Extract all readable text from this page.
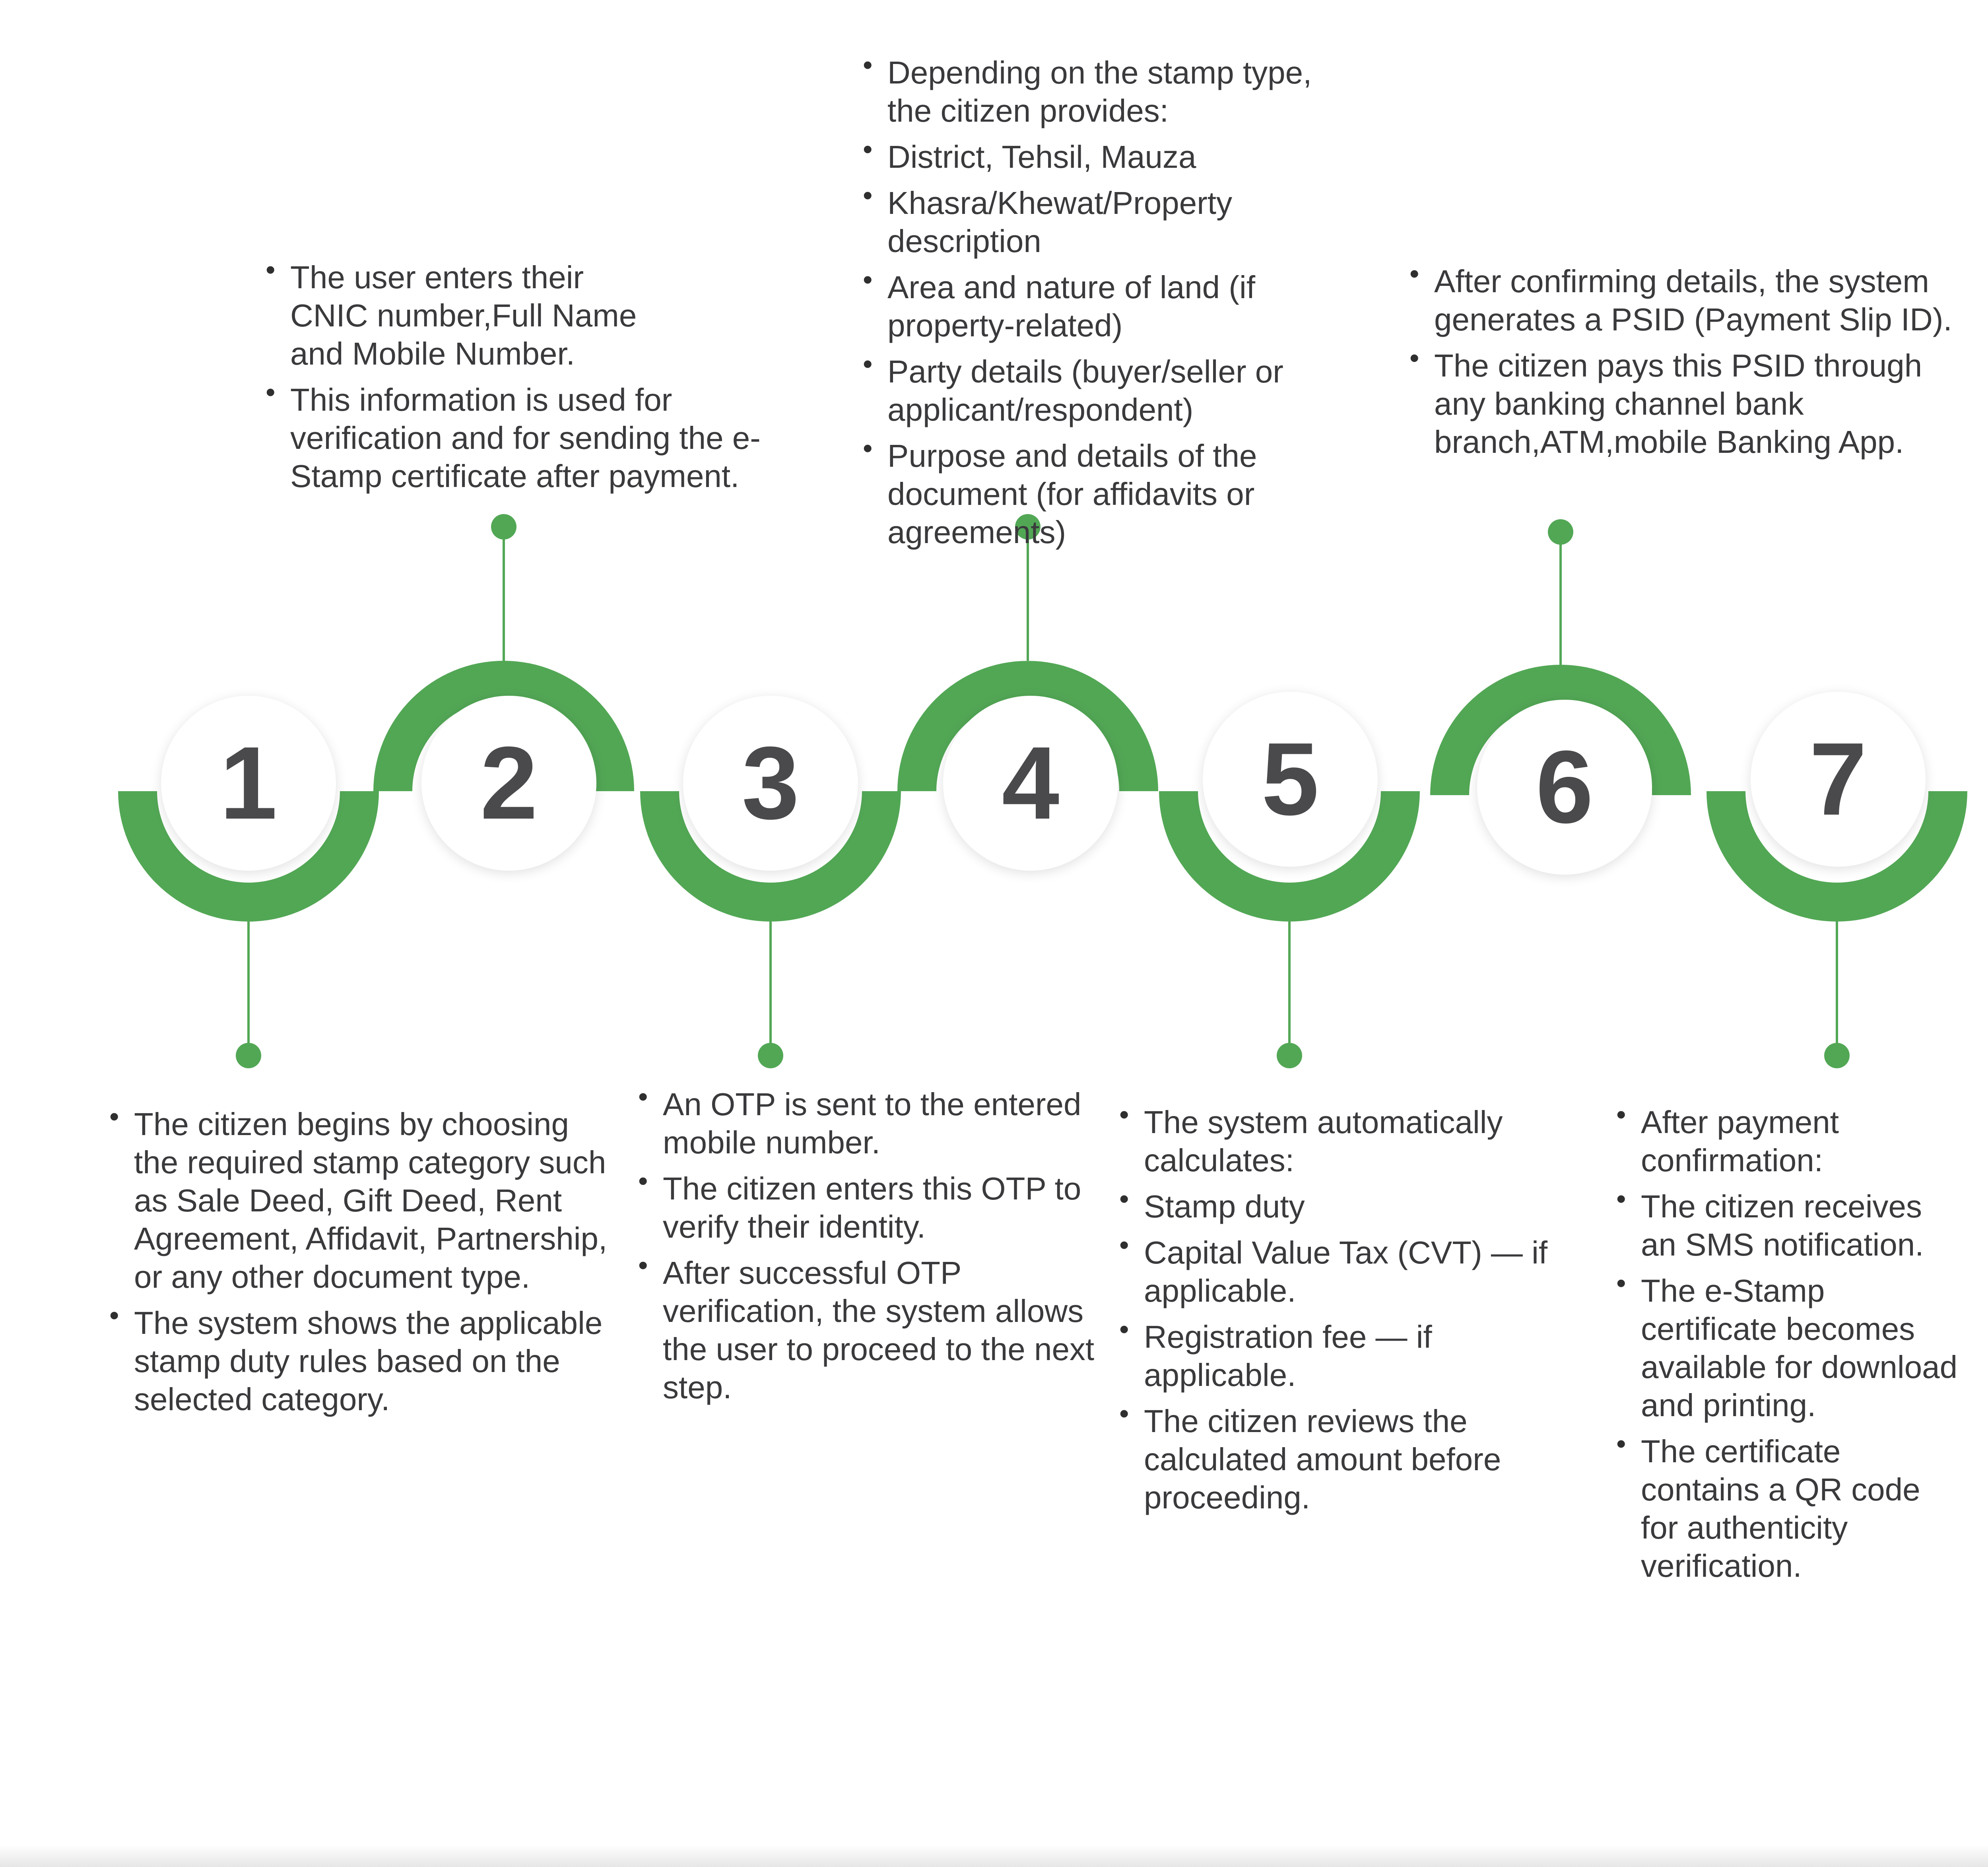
1 2 3 4 5 6 7
• The citizen begins by choosing the required stamp category such as Sale Deed, Gift Deed, Rent Agreement, Affidavit, Partnership, or any other document type.
• The system shows the applicable stamp duty rules based on the selected category.
• The user enters their CNIC number,Full Name and Mobile Number.
• This information is used for verification and for sending the e-Stamp certificate after payment.
• An OTP is sent to the entered mobile number.
• The citizen enters this OTP to verify their identity.
• After successful OTP verification, the system allows the user to proceed to the next step.
• Depending on the stamp type, the citizen provides:
• District, Tehsil, Mauza
• Khasra/Khewat/Property description
• Area and nature of land (if property-related)
• Party details (buyer/seller or applicant/respondent)
• Purpose and details of the document (for affidavits or agreements)
• The system automatically calculates:
• Stamp duty
• Capital Value Tax (CVT) — if applicable.
• Registration fee — if applicable.
• The citizen reviews the calculated amount before proceeding.
• After confirming details, the system generates a PSID (Payment Slip ID).
• The citizen pays this PSID through any banking channel bank branch,ATM,mobile Banking App.
• After payment confirmation:
• The citizen receives an SMS notification.
• The e-Stamp certificate becomes available for download and printing.
• The certificate contains a QR code for authenticity verification.
